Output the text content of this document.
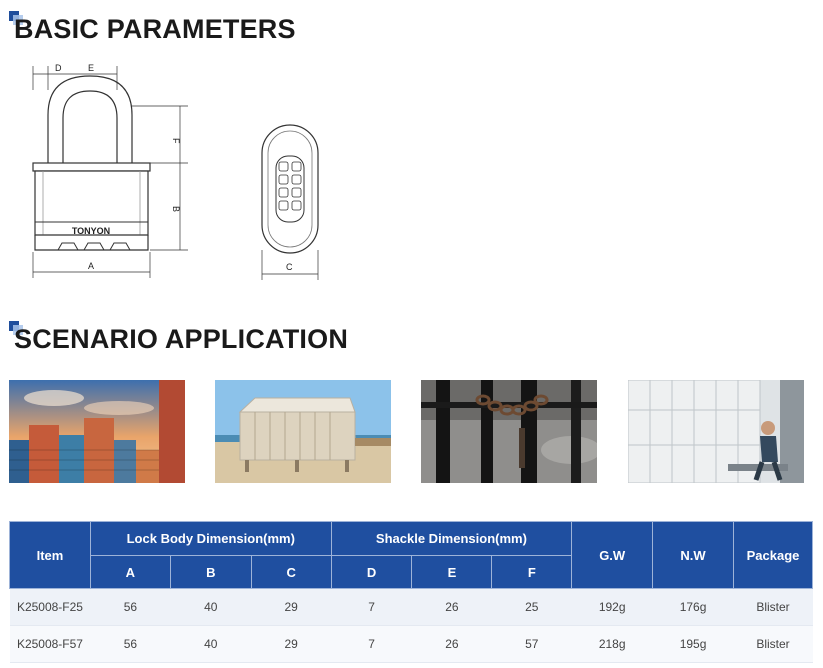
BASIC PARAMETERS
TONYON
D	E
F
B
A	C
SCENARIO APPLICATION
Item	Lock Body Dimension(mm)			Shackle Dimension(mm)			G.W	N.W	Package
	A	B	C	D	E	F			
K25008-F25	56	40	29	7	26	25	192g	176g	Blister
K25008-F57	56	40	29	7	26	57	218g	195g	Blister
